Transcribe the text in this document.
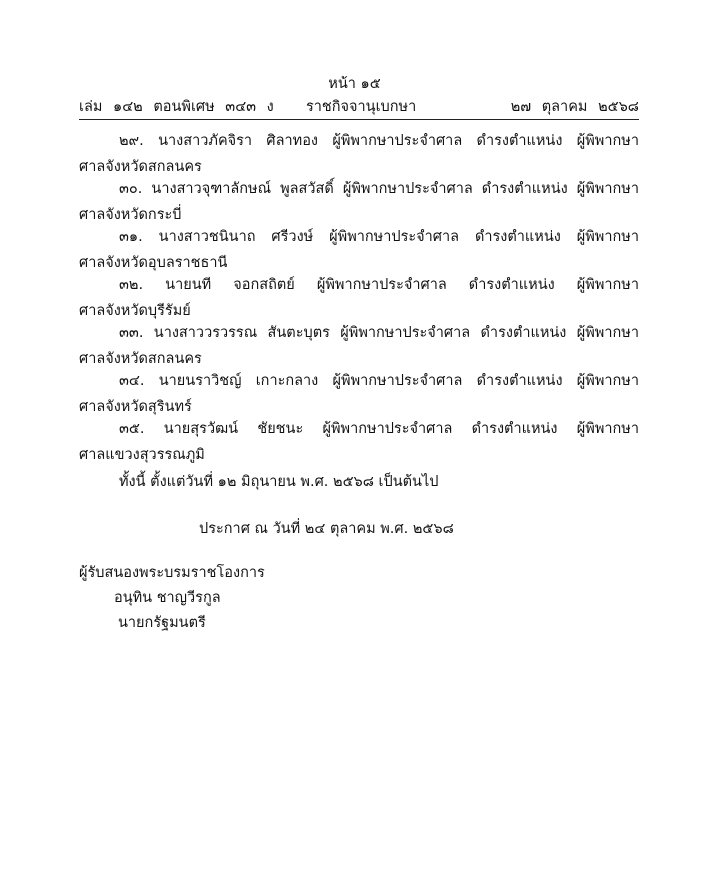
หน้า ๑๕
เล่ม ๑๔๒ ตอนพิเศษ ๓๔๓ ง ราชกิจจานุเบกษา	๒๗ ตุลาคม ๒๕๖๘
๒๙. นางสาวภัคจิรา ศิลาทอง ผู้พิพากษาประจำศาล ดำรงตำแหน่ง ผู้พิพากษา
ศาลจังหวัดสกลนคร
๓๐. นางสาวจุฑาลักษณ์ พูลสวัสดิ์ ผู้พิพากษาประจำศาล ดำรงตำแหน่ง ผู้พิพากษา
ศาลจังหวัดกระบี่
๓๑. นางสาวชนินาถ ศรีวงษ์ ผู้พิพากษาประจำศาล ดำรงตำแหน่ง ผู้พิพากษา
ศาลจังหวัดอุบลราชธานี
๓๒. นายนที จอกสถิตย์ ผู้พิพากษาประจำศาล ดำรงตำแหน่ง ผู้พิพากษา
ศาลจังหวัดบุรีรัมย์
๓๓. นางสาววรวรรณ สันตะบุตร ผู้พิพากษาประจำศาล ดำรงตำแหน่ง ผู้พิพากษา
ศาลจังหวัดสกลนคร
๓๔. นายนราวิชญ์ เกาะกลาง ผู้พิพากษาประจำศาล ดำรงตำแหน่ง ผู้พิพากษา
ศาลจังหวัดสุรินทร์
๓๕. นายสุรวัฒน์ ชัยชนะ ผู้พิพากษาประจำศาล ดำรงตำแหน่ง ผู้พิพากษา
ศาลแขวงสุวรรณภูมิ
ทั้งนี้ ตั้งแต่วันที่ ๑๒ มิถุนายน พ.ศ. ๒๕๖๘ เป็นต้นไป
ประกาศ ณ วันที่ ๒๔ ตุลาคม พ.ศ. ๒๕๖๘
ผู้รับสนองพระบรมราชโองการ
อนุทิน ชาญวีรกูล
นายกรัฐมนตรี
